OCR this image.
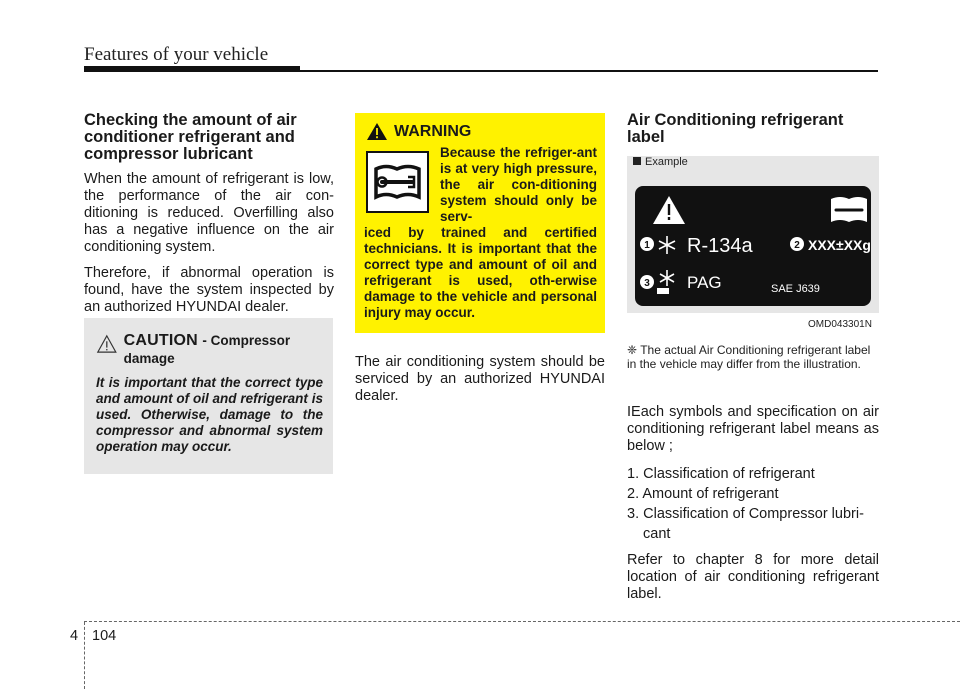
Features of your vehicle
Checking the amount of air conditioner refrigerant and compressor lubricant

When the amount of refrigerant is low, the performance of the air con-ditioning is reduced. Overfilling also has a negative influence on the air conditioning system.

Therefore, if abnormal operation is found, have the system inspected by an authorized HYUNDAI dealer.

CAUTION - Compressor damage
It is important that the correct type and amount of oil and refrigerant is used. Otherwise, damage to the compressor and abnormal system operation may occur.
WARNING
Because the refriger-ant is at very high pressure, the air con-ditioning system should only be serv-
iced by trained and certified technicians. It is important that the correct type and amount of oil and refrigerant is used, oth-erwise damage to the vehicle and personal injury may occur.

The air conditioning system should be serviced by an authorized HYUNDAI dealer.

Air Conditioning refrigerant label
Example
1	2
3
R-134a	XXX±XXg
PAG	SAE J639
OMD043301N
❈ The actual Air Conditioning refrigerant label in the vehicle may differ from the illustration.

IEach symbols and specification on air conditioning refrigerant label means as below ;

1. Classification of refrigerant
2. Amount of refrigerant
3. Classification of Compressor lubri-cant

Refer to chapter 8 for more detail location of air conditioning refrigerant label.

4 104
